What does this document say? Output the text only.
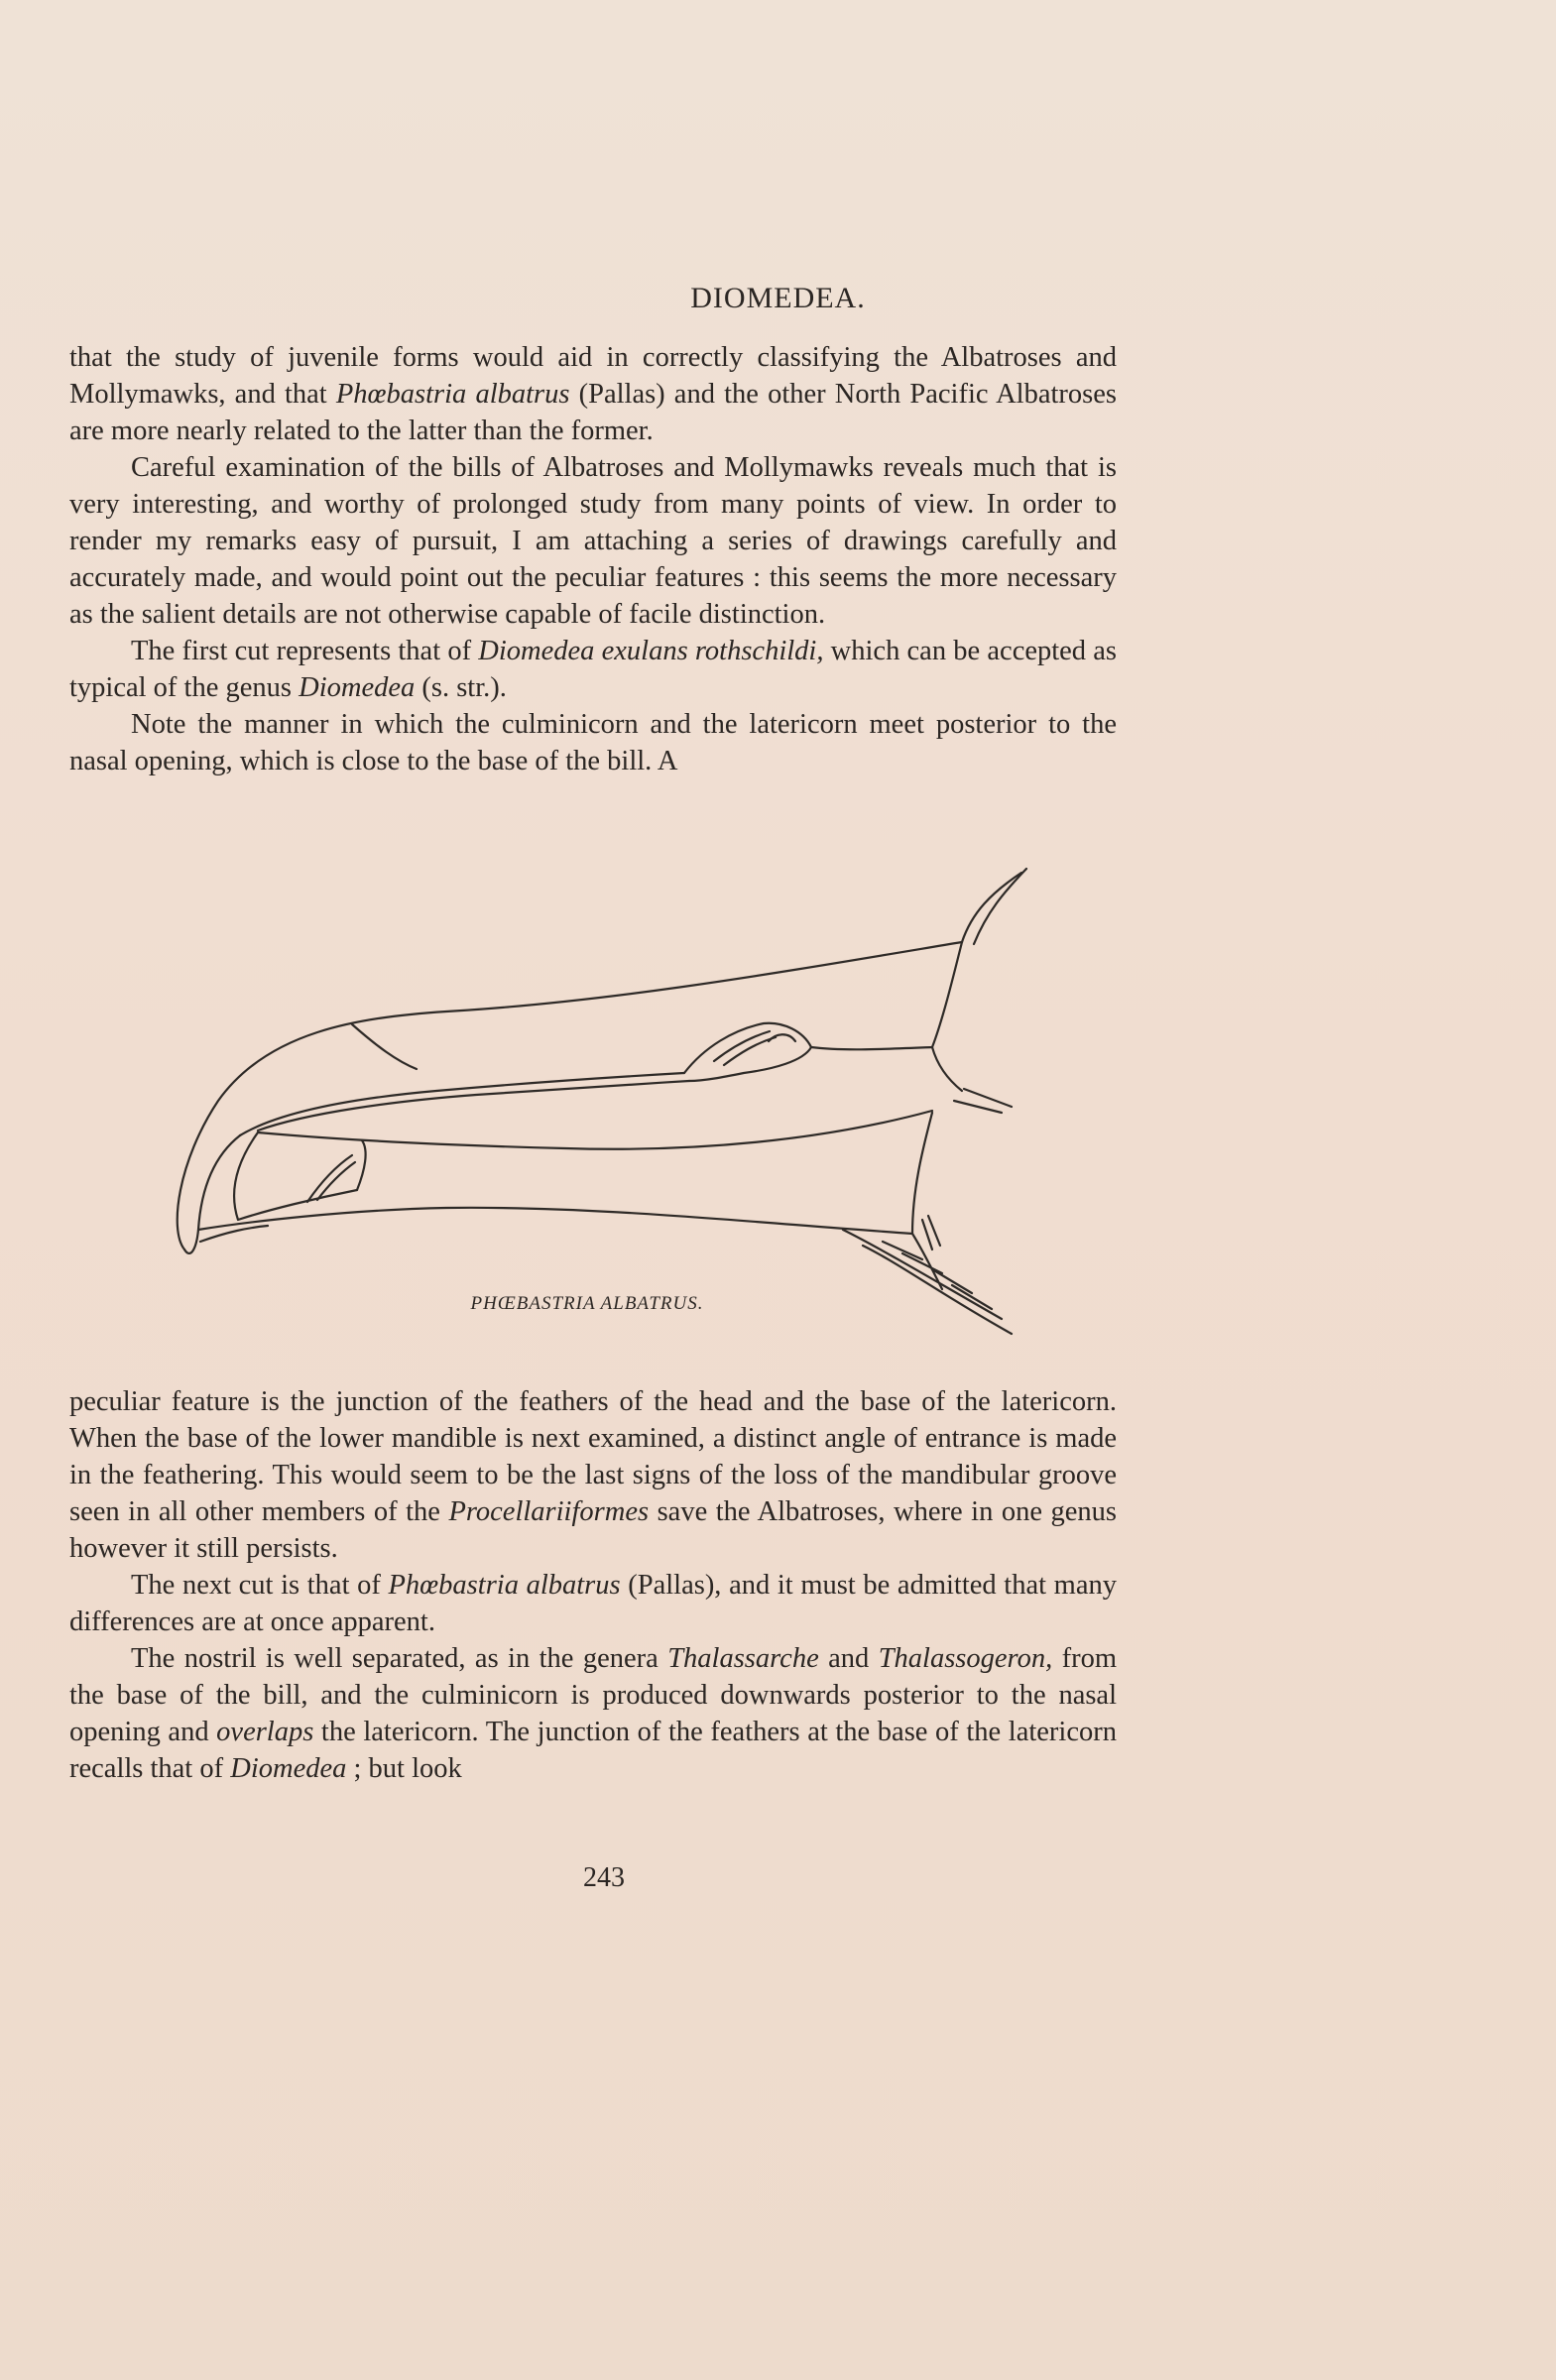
DIOMEDEA.

that the study of juvenile forms would aid in correctly classifying the Albatroses and Mollymawks, and that Phœbastria albatrus (Pallas) and the other North Pacific Albatroses are more nearly related to the latter than the former.

Careful examination of the bills of Albatroses and Mollymawks reveals much that is very interesting, and worthy of prolonged study from many points of view. In order to render my remarks easy of pursuit, I am attaching a series of drawings carefully and accurately made, and would point out the peculiar features : this seems the more necessary as the salient details are not otherwise capable of facile distinction.

The first cut represents that of Diomedea exulans rothschildi, which can be accepted as typical of the genus Diomedea (s. str.).

Note the manner in which the culminicorn and the latericorn meet posterior to the nasal opening, which is close to the base of the bill. A

PHŒBASTRIA ALBATRUS.

peculiar feature is the junction of the feathers of the head and the base of the latericorn. When the base of the lower mandible is next examined, a distinct angle of entrance is made in the feathering. This would seem to be the last signs of the loss of the mandibular groove seen in all other members of the Procellariiformes save the Albatroses, where in one genus however it still persists.

The next cut is that of Phœbastria albatrus (Pallas), and it must be admitted that many differences are at once apparent.

The nostril is well separated, as in the genera Thalassarche and Thalassogeron, from the base of the bill, and the culminicorn is produced downwards posterior to the nasal opening and overlaps the latericorn. The junction of the feathers at the base of the latericorn recalls that of Diomedea ; but look

243
